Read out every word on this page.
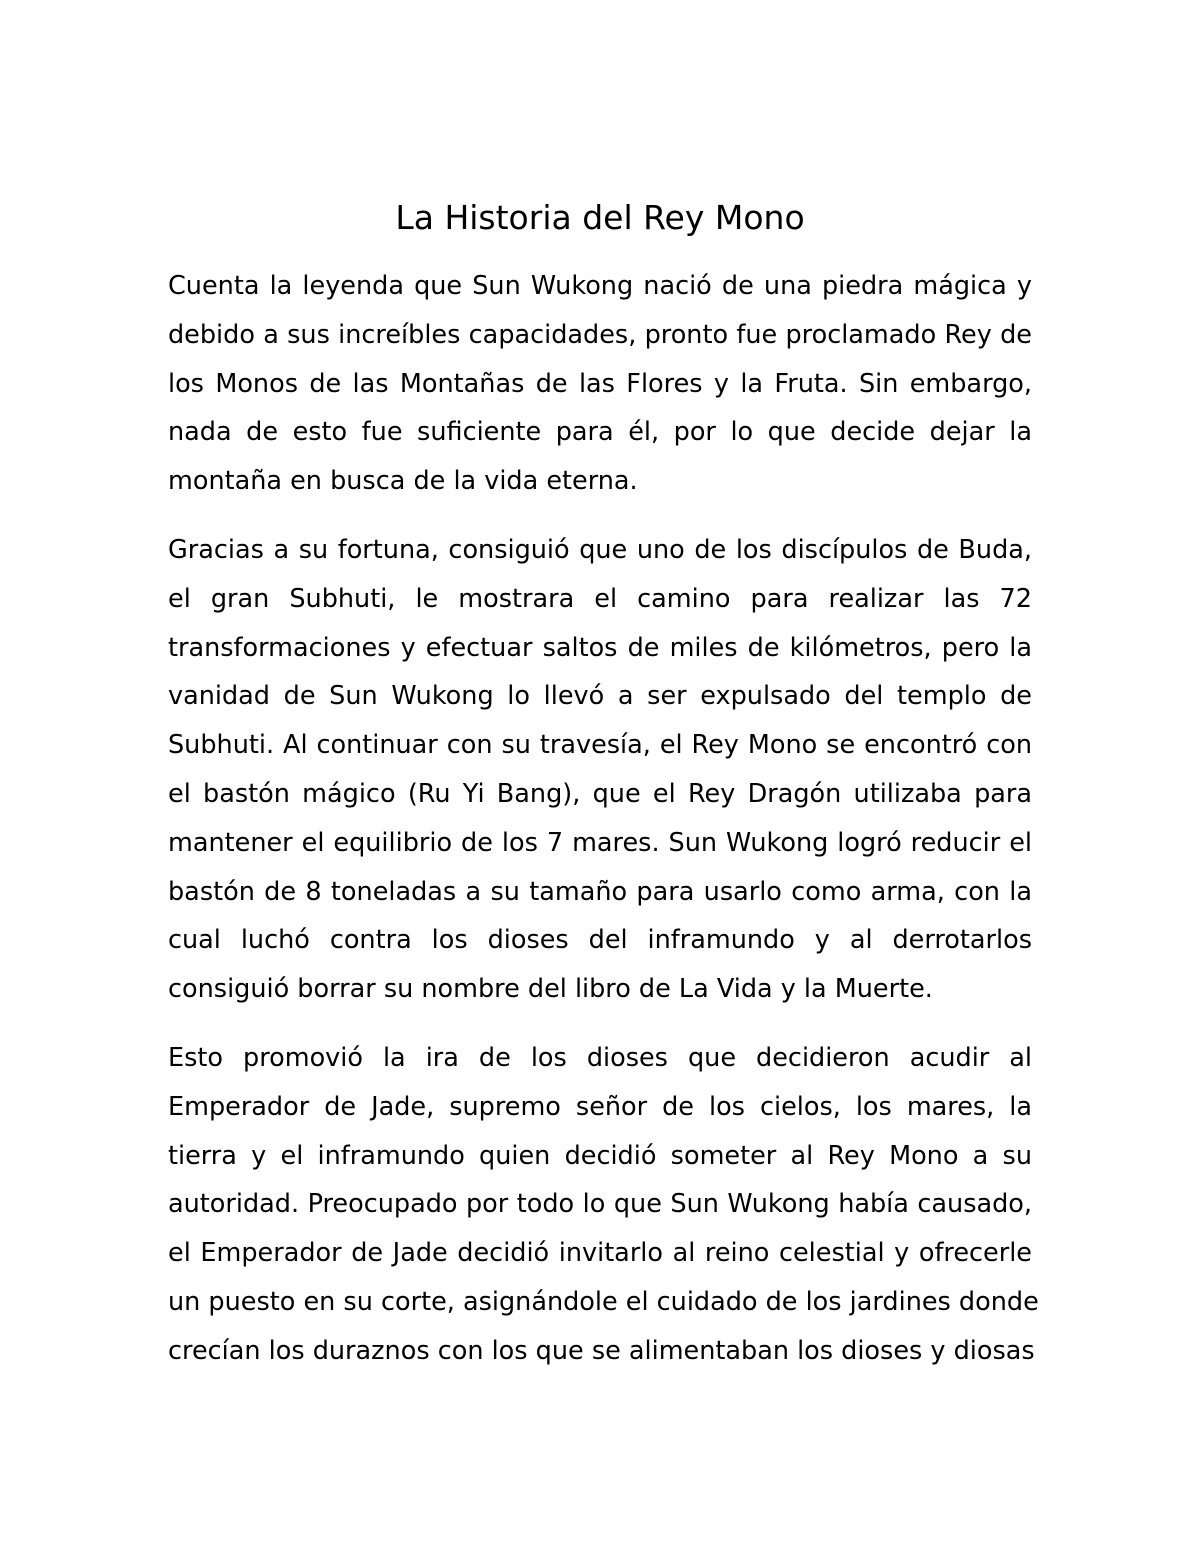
La Historia del Rey Mono

Cuenta la leyenda que Sun Wukong nació de una piedra mágica y
debido a sus increíbles capacidades, pronto fue proclamado Rey de
los Monos de las Montañas de las Flores y la Fruta. Sin embargo,
nada de esto fue suficiente para él, por lo que decide dejar la
montaña en busca de la vida eterna.

Gracias a su fortuna, consiguió que uno de los discípulos de Buda,
el gran Subhuti, le mostrara el camino para realizar las 72
transformaciones y efectuar saltos de miles de kilómetros, pero la
vanidad de Sun Wukong lo llevó a ser expulsado del templo de
Subhuti. Al continuar con su travesía, el Rey Mono se encontró con
el bastón mágico (Ru Yi Bang), que el Rey Dragón utilizaba para
mantener el equilibrio de los 7 mares. Sun Wukong logró reducir el
bastón de 8 toneladas a su tamaño para usarlo como arma, con la
cual luchó contra los dioses del inframundo y al derrotarlos
consiguió borrar su nombre del libro de La Vida y la Muerte.

Esto promovió la ira de los dioses que decidieron acudir al
Emperador de Jade, supremo señor de los cielos, los mares, la
tierra y el inframundo quien decidió someter al Rey Mono a su
autoridad. Preocupado por todo lo que Sun Wukong había causado,
el Emperador de Jade decidió invitarlo al reino celestial y ofrecerle
un puesto en su corte, asignándole el cuidado de los jardines donde
crecían los duraznos con los que se alimentaban los dioses y diosas
